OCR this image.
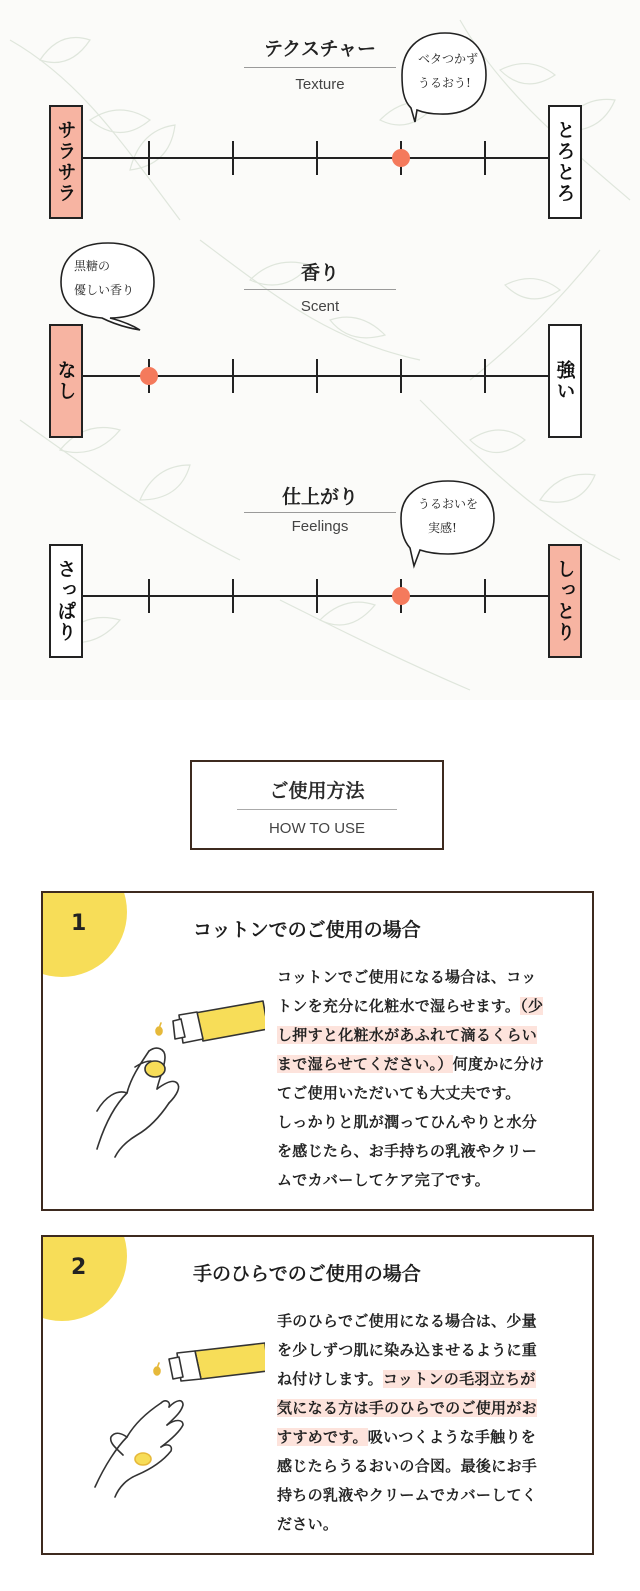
テクスチャー
Texture
ベタつかず
うるおう!
サラサラ	とろとろ
黒糖の
優しい香り
香り
Scent
なし	強い
仕上がり
Feelings
うるおいを
実感!
さっぱり	しっとり
ご使用方法
HOW TO USE
1	コットンでのご使用の場合
コットンでご使用になる場合は、コッ
トンを充分に化粧水で湿らせます。（少
し押すと化粧水があふれて滴るくらい
まで湿らせてください。）何度かに分け
てご使用いただいても大丈夫です。
しっかりと肌が潤ってひんやりと水分
を感じたら、お手持ちの乳液やクリー
ムでカバーしてケア完了です。
2	手のひらでのご使用の場合
手のひらでご使用になる場合は、少量
を少しずつ肌に染み込ませるように重
ね付けします。コットンの毛羽立ちが
気になる方は手のひらでのご使用がお
すすめです。吸いつくような手触りを
感じたらうるおいの合図。最後にお手
持ちの乳液やクリームでカバーしてく
ださい。
